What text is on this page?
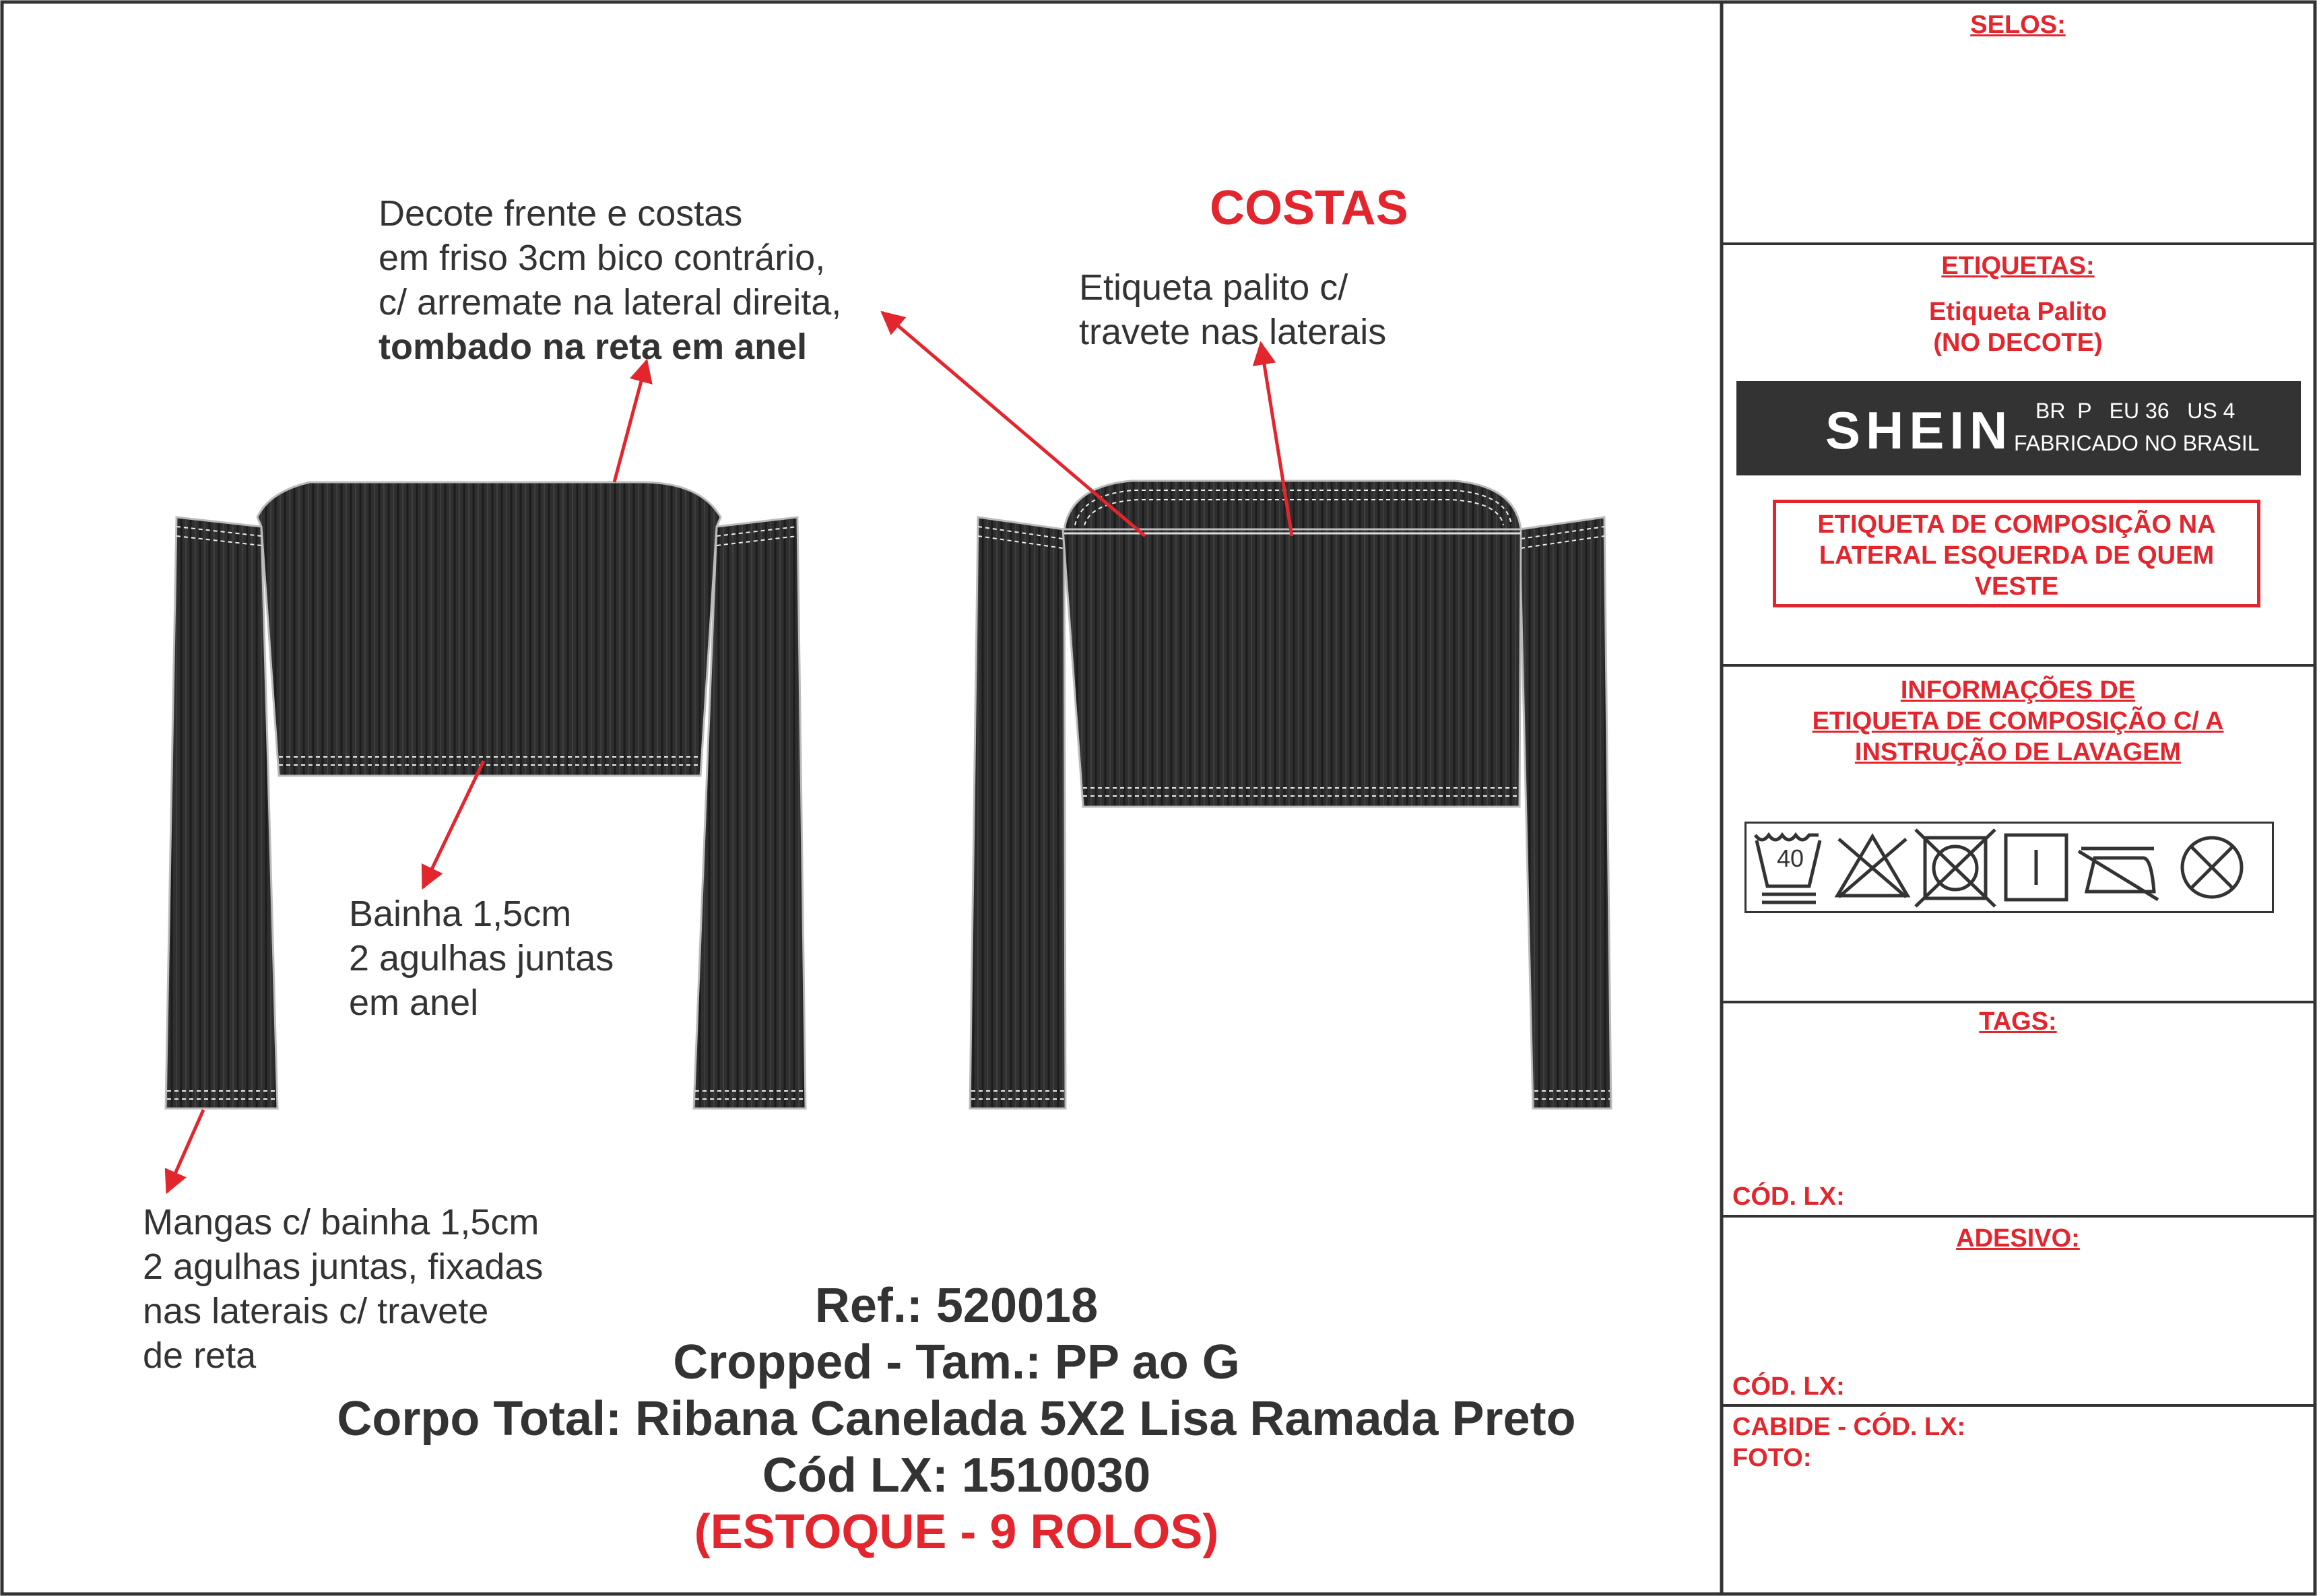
COSTAS
Decote frente e costas
em friso 3cm bico contrário,
c/ arremate na lateral direita,
tombado na reta em anel
Etiqueta palito c/
travete nas laterais
Bainha 1,5cm
2 agulhas juntas
em anel
Mangas c/ bainha 1,5cm
2 agulhas juntas, fixadas
nas laterais c/ travete
de reta
Ref.: 520018
Cropped - Tam.: PP ao G
Corpo Total: Ribana Canelada 5X2 Lisa Ramada Preto
Cód LX: 1510030
(ESTOQUE - 9 ROLOS)
SELOS:
ETIQUETAS:
Etiqueta Palito
(NO DECOTE)
SHEIN BR  P   EU 36   US 4
FABRICADO NO BRASIL
ETIQUETA DE COMPOSIÇÃO NA
LATERAL ESQUERDA DE QUEM
VESTE
INFORMAÇÕES DE
ETIQUETA DE COMPOSIÇÃO C/ A
INSTRUÇÃO DE LAVAGEM
40
TAGS:
CÓD. LX:
ADESIVO:
CÓD. LX:
CABIDE - CÓD. LX:
FOTO:
